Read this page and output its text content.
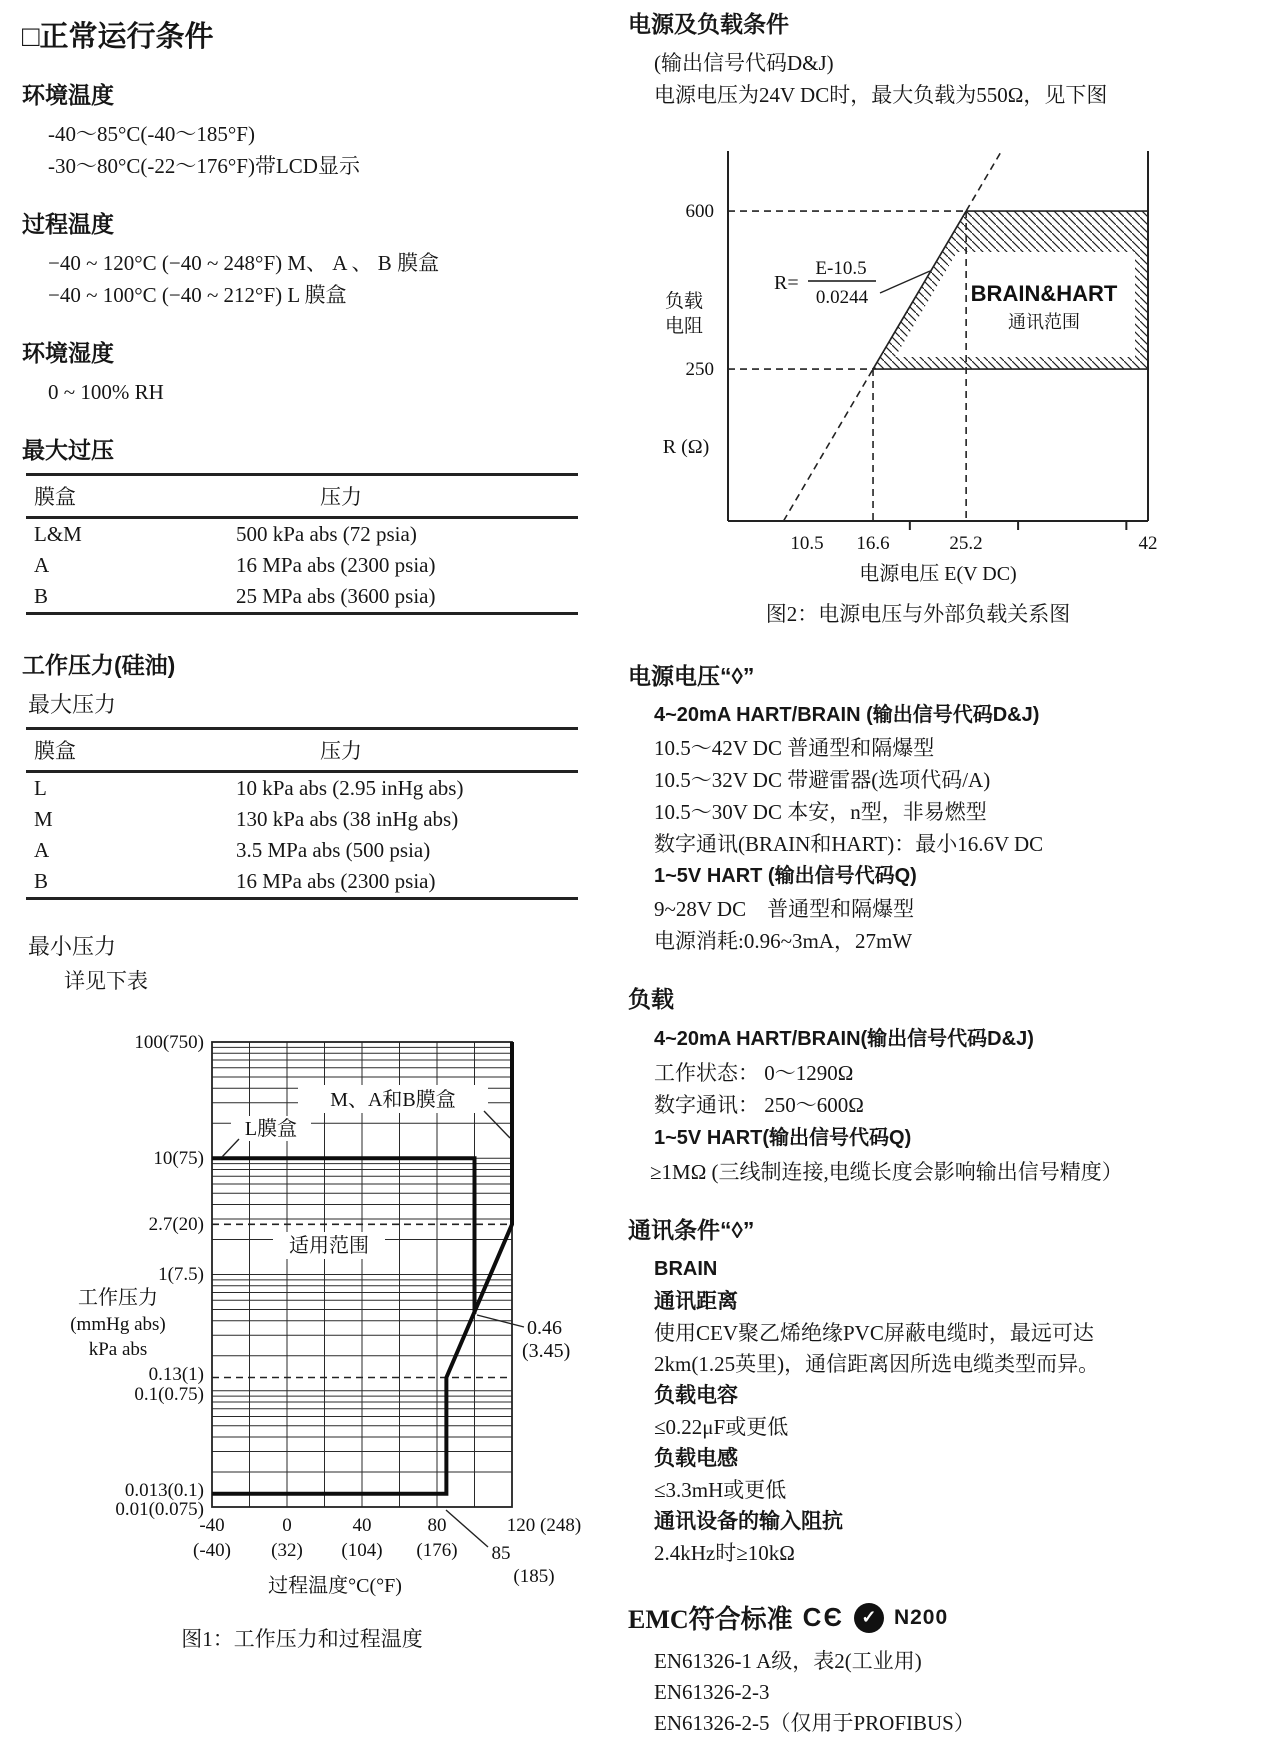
□正常运行条件
环境温度
-40～85°C(-40～185°F)
-30～80°C(-22～176°F)带LCD显示
过程温度
−40 ~ 120°C (−40 ~ 248°F) M、 A 、 B 膜盒
−40 ~ 100°C (−40 ~ 212°F) L 膜盒
环境湿度
0 ~ 100% RH
最大过压
膜盒	压力
L&M	500 kPa abs (72 psia)
A	16 MPa abs (2300 psia)
B	25 MPa abs (3600 psia)
工作压力(硅油)
最大压力
膜盒	压力
L	10 kPa abs (2.95 inHg abs)
M	130 kPa abs (38 inHg abs)
A	3.5 MPa abs (500 psia)
B	16 MPa abs (2300 psia)
最小压力
详见下表
M、A和B膜盒
L膜盒
适用范围
0.46
(3.45)
100(750)
10(75)
2.7(20)
1(7.5)
0.13(1)
0.1(0.75)
0.013(0.1)
0.01(0.075)
工作压力
(mmHg abs)
kPa abs
-40	0	40	80	120 (248)
(-40) (32) (104) (176) 85
(185)
过程温度°C(°F)
图1：工作压力和过程温度
电源及负载条件
(输出信号代码D&J)
电源电压为24V DC时，最大负载为550Ω，见下图
BRAIN&HART
通讯范围
R=
E-10.5
0.0244
600
250
负载
电阻
R (Ω)
10.5 16.6	25.2	42
电源电压 E(V DC)
图2：电源电压与外部负载关系图
电源电压“◊”
4~20mA HART/BRAIN (输出信号代码D&J)
10.5～42V DC 普通型和隔爆型
10.5～32V DC 带避雷器(选项代码/A)
10.5～30V DC 本安，n型，非易燃型
数字通讯(BRAIN和HART)：最小16.6V DC
1~5V HART (输出信号代码Q)
9~28V DC　普通型和隔爆型
电源消耗:0.96~3mA，27mW
负载
4~20mA HART/BRAIN(输出信号代码D&J)
工作状态： 0～1290Ω
数字通讯： 250～600Ω
1~5V HART(输出信号代码Q)
≥1MΩ (三线制连接,电缆长度会影响输出信号精度）
通讯条件“◊”
BRAIN
通讯距离
使用CEV聚乙烯绝缘PVC屏蔽电缆时，最远可达
2km(1.25英里)，通信距离因所选电缆类型而异。
负载电容
≤0.22μF或更低
负载电感
≤3.3mH或更低
通讯设备的输入阻抗
2.4kHz时≥10kΩ
EMC符合标准 CЄ ✓ N200
EN61326-1 A级，表2(工业用)
EN61326-2-3
EN61326-2-5（仅用于PROFIBUS）
